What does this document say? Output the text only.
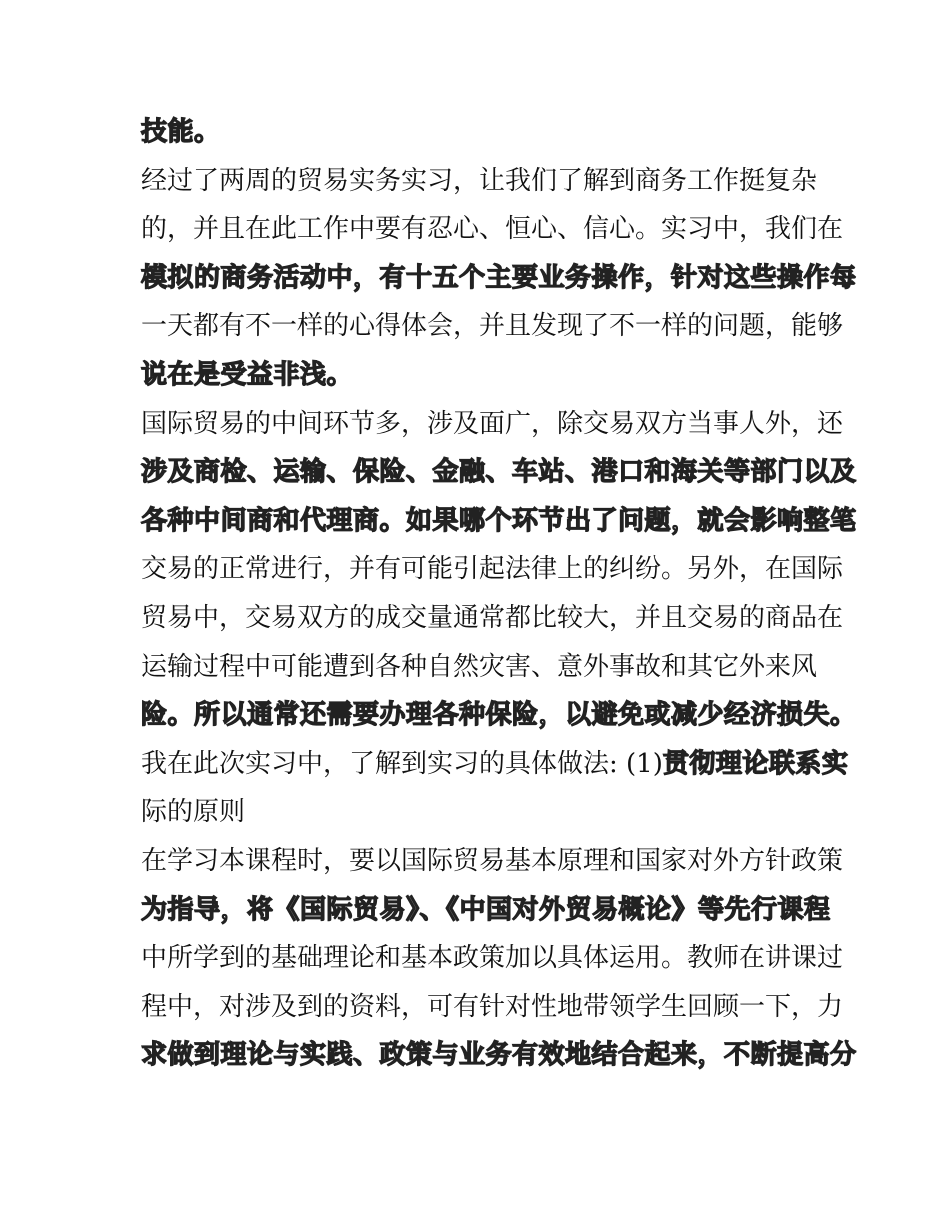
技能。
经过了两周的贸易实务实习，让我们了解到商务工作挺复杂
的，并且在此工作中要有忍心、恒心、信心。实习中，我们在
模拟的商务活动中，有十五个主要业务操作，针对这些操作每
一天都有不一样的心得体会，并且发现了不一样的问题，能够
说在是受益非浅。
国际贸易的中间环节多，涉及面广，除交易双方当事人外，还
涉及商检、运输、保险、金融、车站、港口和海关等部门以及
各种中间商和代理商。如果哪个环节出了问题，就会影响整笔
交易的正常进行，并有可能引起法律上的纠纷。另外，在国际
贸易中，交易双方的成交量通常都比较大，并且交易的商品在
运输过程中可能遭到各种自然灾害、意外事故和其它外来风
险。所以通常还需要办理各种保险，以避免或减少经济损失。
我在此次实习中，了解到实习的具体做法: (1)贯彻理论联系实
际的原则
在学习本课程时，要以国际贸易基本原理和国家对外方针政策
为指导，将《国际贸易》、《中国对外贸易概论》等先行课程
中所学到的基础理论和基本政策加以具体运用。教师在讲课过
程中，对涉及到的资料，可有针对性地带领学生回顾一下，力
求做到理论与实践、政策与业务有效地结合起来，不断提高分
